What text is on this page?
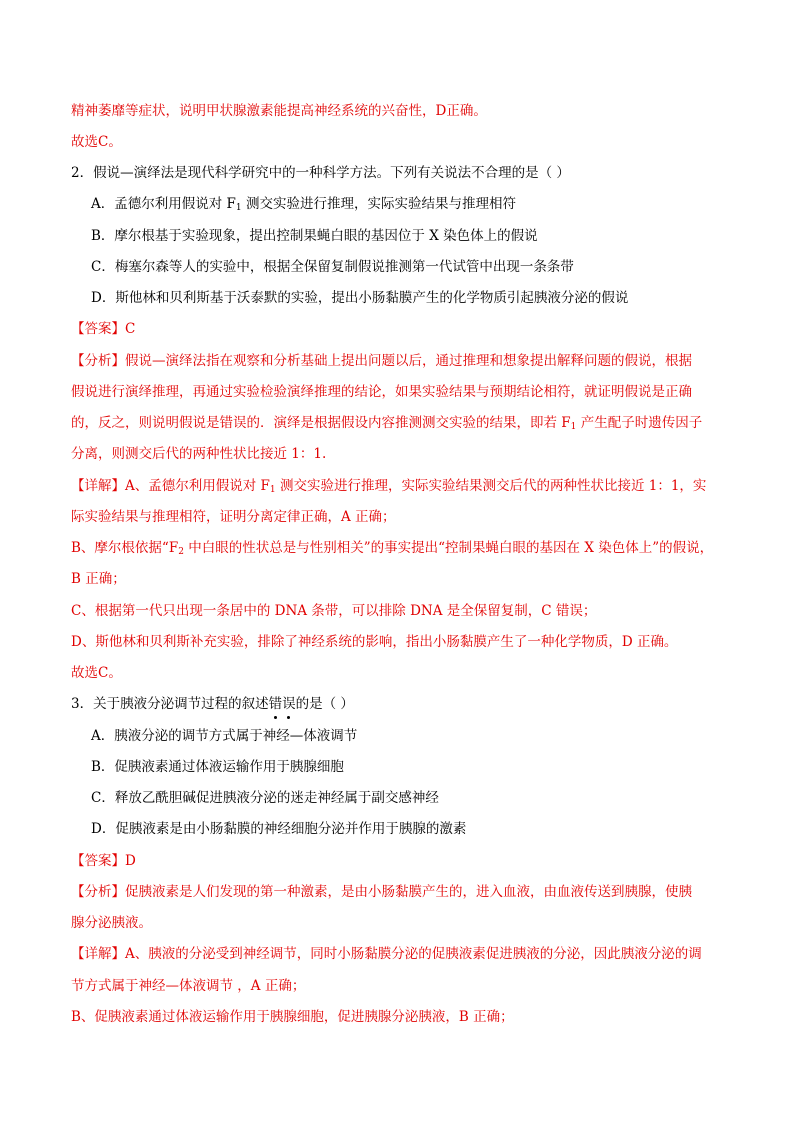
精神萎靡等症状，说明甲状腺激素能提高神经系统的兴奋性，D正确。
故选C。
2．假说—演绎法是现代科学研究中的一种科学方法。下列有关说法不合理的是（ ）
A．孟德尔利用假说对 $F_1$ 测交实验进行推理，实际实验结果与推理相符
B．摩尔根基于实验现象，提出控制果蝇白眼的基因位于 X 染色体上的假说
C．梅塞尔森等人的实验中，根据全保留复制假说推测第一代试管中出现一条条带
D．斯他林和贝利斯基于沃泰默的实验，提出小肠黏膜产生的化学物质引起胰液分泌的假说
【答案】C
【分析】假说—演绎法指在观察和分析基础上提出问题以后，通过推理和想象提出解释问题的假说，根据
假说进行演绎推理，再通过实验检验演绎推理的结论，如果实验结果与预期结论相符，就证明假说是正确
的，反之，则说明假说是错误的．演绎是根据假设内容推测测交实验的结果，即若 $F_1$ 产生配子时遗传因子
分离，则测交后代的两种性状比接近 1：1.
【详解】A、孟德尔利用假说对 $F_1$ 测交实验进行推理，实际实验结果测交后代的两种性状比接近 1：1，实
际实验结果与推理相符，证明分离定律正确，A 正确；
B、摩尔根依据“$F_2$ 中白眼的性状总是与性别相关”的事实提出“控制果蝇白眼的基因在 X 染色体上”的假说，
B 正确；
C、根据第一代只出现一条居中的 DNA 条带，可以排除 DNA 是全保留复制，C 错误；
D、斯他林和贝利斯补充实验，排除了神经系统的影响，指出小肠黏膜产生了一种化学物质，D 正确。
故选C。
3．关于胰液分泌调节过程的叙述错误的是（ ）
A．胰液分泌的调节方式属于神经—体液调节
B．促胰液素通过体液运输作用于胰腺细胞
C．释放乙酰胆碱促进胰液分泌的迷走神经属于副交感神经
D．促胰液素是由小肠黏膜的神经细胞分泌并作用于胰腺的激素
【答案】D
【分析】促胰液素是人们发现的第一种激素，是由小肠黏膜产生的，进入血液，由血液传送到胰腺，使胰
腺分泌胰液。
【详解】A、胰液的分泌受到神经调节，同时小肠黏膜分泌的促胰液素促进胰液的分泌，因此胰液分泌的调
节方式属于神经—体液调节 ，A 正确；
B、促胰液素通过体液运输作用于胰腺细胞，促进胰腺分泌胰液，B 正确；
